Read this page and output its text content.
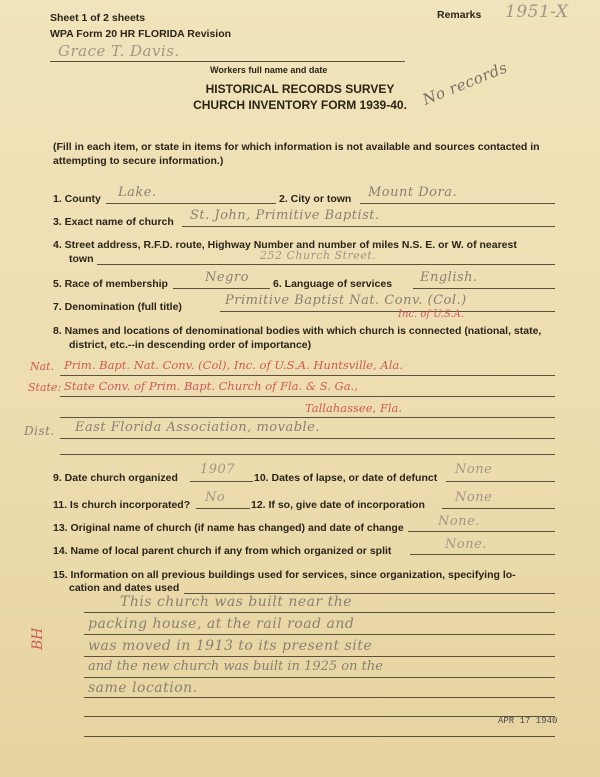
Sheet 1 of 2 sheets
WPA Form 20 HR FLORIDA Revision
Remarks 1951-X
Grace T. Davis.
Workers full name and date
HISTORICAL RECORDS SURVEY
CHURCH INVENTORY FORM 1939-40. No records
(Fill in each item, or state in items for which information is not available and sources contacted in
attempting to secure information.)
1. County Lake.	2. City or town Mount Dora.
3. Exact name of church St. John, Primitive Baptist.
4. Street address, R.F.D. route, Highway Number and number of miles N.S. E. or W. of nearest
town	252 Church Street.
5. Race of membership	Negro 6. Language of services English.
7. Denomination (full title)	Primitive Baptist Nat. Conv. (Col.)
Inc. of U.S.A.
8. Names and locations of denominational bodies with which church is connected (national, state,
district, etc.--in descending order of importance)
Nat. Prim. Bapt. Nat. Conv. (Col), Inc. of U.S.A. Huntsville, Ala.
State: State Conv. of Prim. Bapt. Church of Fla. & S. Ga.,
Tallahassee, Fla.
Dist. East Florida Association, movable.
9. Date church organized
1907
10. Dates of lapse, or date of defunct
None
11. Is church incorporated? No 12. If so, give date of incorporation None
13. Original name of church (if name has changed) and date of change	None.
14. Name of local parent church if any from which organized or split	None.
15. Information on all previous buildings used for services, since organization, specifying lo-
cation and dates used
This church was built near the
packing house, at the rail road and
was moved in 1913 to its present site
and the new church was built in 1925 on the
same location.
BH
APR 17 1940
